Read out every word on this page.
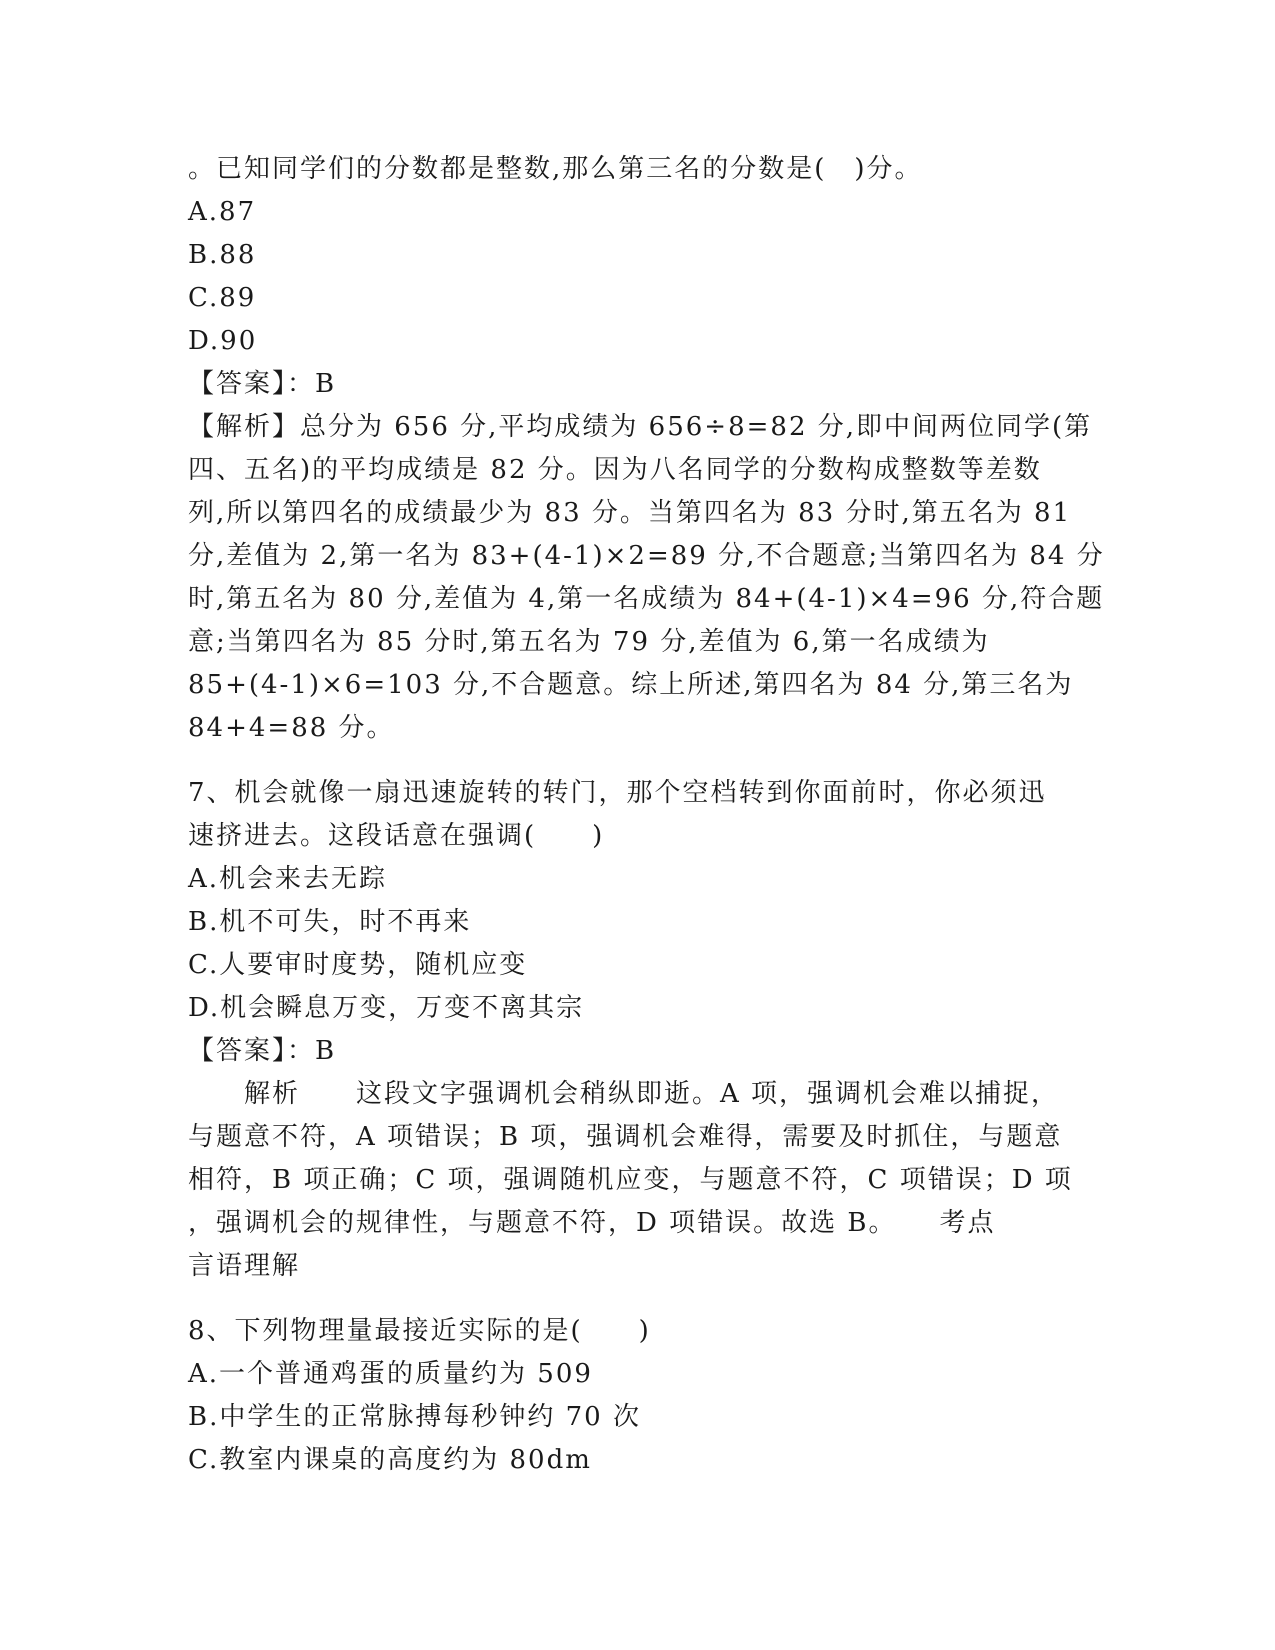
。已知同学们的分数都是整数,那么第三名的分数是(　)分。
A.87
B.88
C.89
D.90
【答案】：B
【解析】总分为 656 分,平均成绩为 656÷8=82 分,即中间两位同学(第
四、五名)的平均成绩是 82 分。因为八名同学的分数构成整数等差数
列,所以第四名的成绩最少为 83 分。当第四名为 83 分时,第五名为 81
分,差值为 2,第一名为 83+(4-1)×2=89 分,不合题意;当第四名为 84 分
时,第五名为 80 分,差值为 4,第一名成绩为 84+(4-1)×4=96 分,符合题
意;当第四名为 85 分时,第五名为 79 分,差值为 6,第一名成绩为
85+(4-1)×6=103 分,不合题意。综上所述,第四名为 84 分,第三名为
84+4=88 分。
7、机会就像一扇迅速旋转的转门，那个空档转到你面前时，你必须迅
速挤进去。这段话意在强调(　　)
A.机会来去无踪
B.机不可失，时不再来
C.人要审时度势，随机应变
D.机会瞬息万变，万变不离其宗
【答案】：B
　　解析　　这段文字强调机会稍纵即逝。A 项，强调机会难以捕捉，
与题意不符，A 项错误；B 项，强调机会难得，需要及时抓住，与题意
相符，B 项正确；C 项，强调随机应变，与题意不符，C 项错误；D 项
，强调机会的规律性，与题意不符，D 项错误。故选 B。　　考点
言语理解
8、下列物理量最接近实际的是(　　)
A.一个普通鸡蛋的质量约为 509
B.中学生的正常脉搏每秒钟约 70 次
C.教室内课桌的高度约为 80dm
